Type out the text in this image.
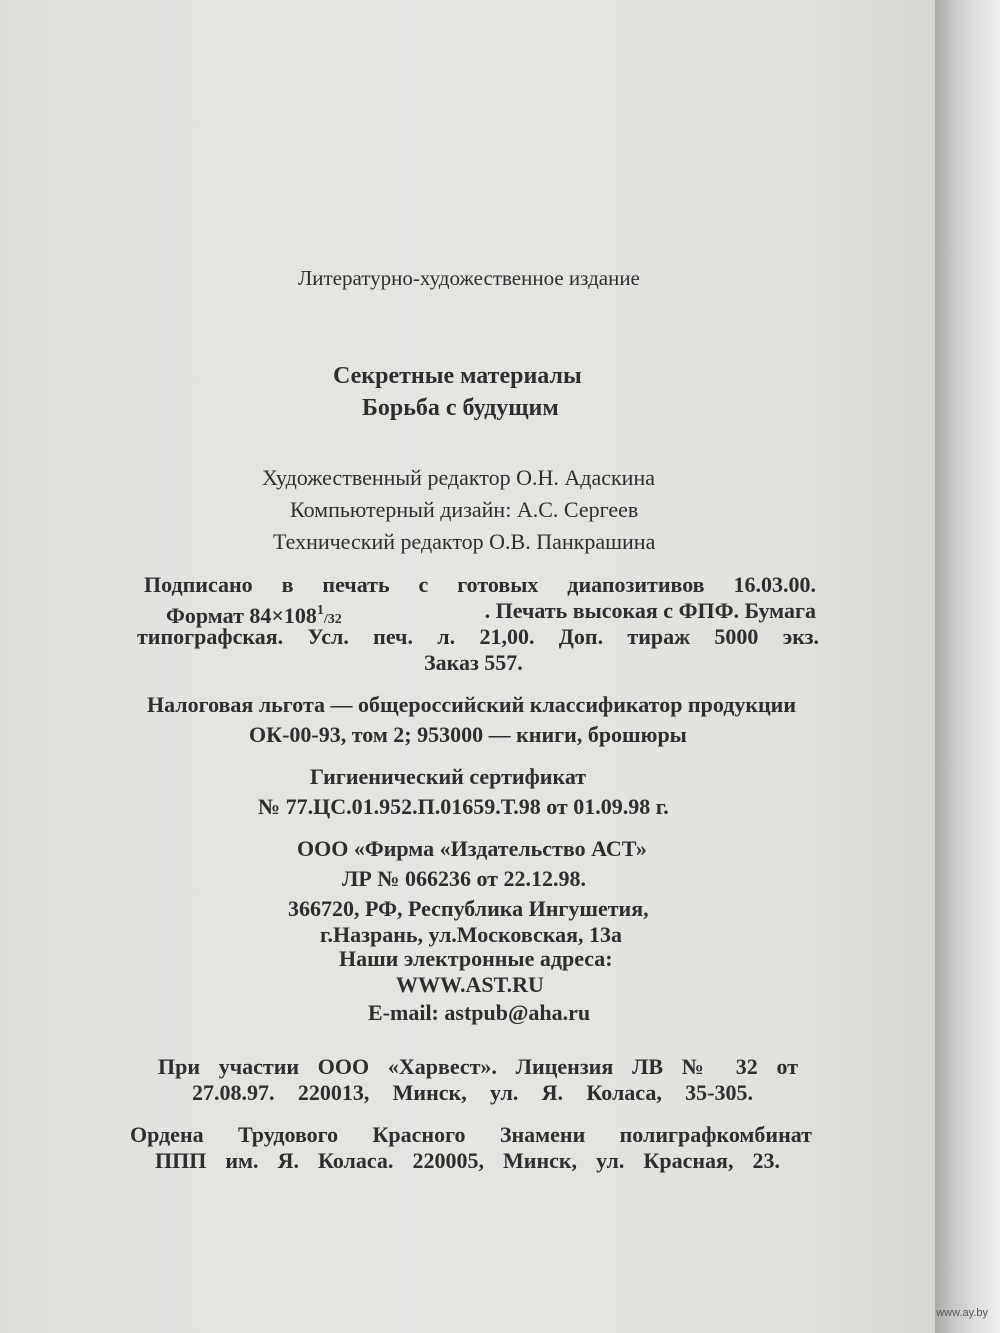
Литературно-художественное издание
Секретные материалы
Борьба с будущим
Художественный редактор О.Н. Адаскина
Компьютерный дизайн: А.С. Сергеев
Технический редактор О.В. Панкрашина
Подписано в печать с готовых диапозитивов 16.03.00.
Формат $84\times 108^1/32$	. Печать высокая с ФПФ. Бумага
типографская. Усл. печ. л. 21,00. Доп. тираж 5000 экз.
Заказ 557.
Налоговая льгота — общероссийский классификатор продукции
ОК-00-93, том 2; 953000 — книги, брошюры
Гигиенический сертификат
№ 77.ЦС.01.952.П.01659.Т.98 от 01.09.98 г.
ООО «Фирма «Издательство АСТ»
ЛР № 066236 от 22.12.98.
366720, РФ, Республика Ингушетия,
г.Назрань, ул.Московская, 13а
Наши электронные адреса:
WWW.AST.RU
E-mail: astpub@aha.ru
При участии ООО «Харвест». Лицензия ЛВ № 32 от
27.08.97. 220013, Минск, ул. Я. Коласа, 35-305.
Ордена Трудового Красного Знамени полиграфкомбинат
ППП им. Я. Коласа. 220005, Минск, ул. Красная, 23.
www.ay.by
